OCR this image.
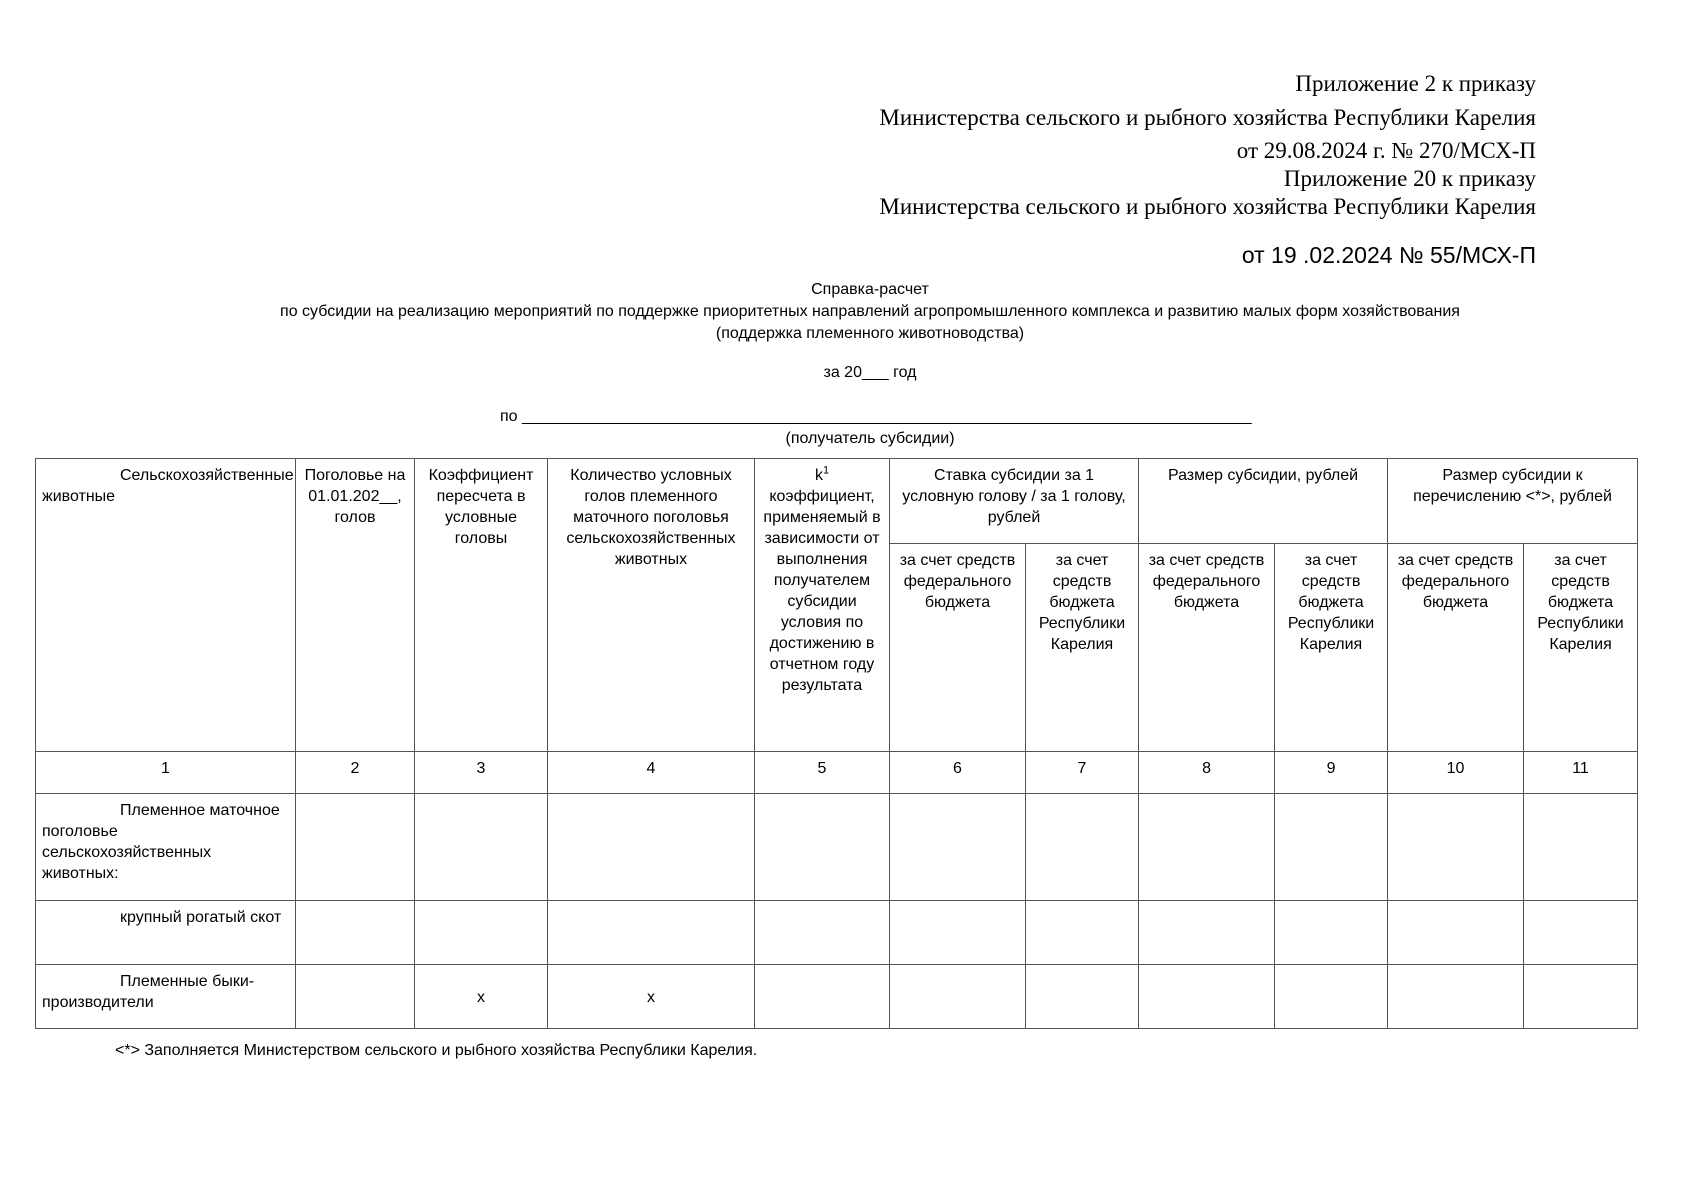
Приложение 2 к приказу
Министерства сельского и рыбного хозяйства Республики Карелия
от 29.08.2024 г. № 270/МСХ-П
Приложение 20 к приказу
Министерства сельского и рыбного хозяйства Республики Карелия
от 19 .02.2024 № 55/МСХ-П
Справка-расчет
по субсидии на реализацию мероприятий по поддержке приоритетных направлений агропромышленного комплекса и развитию малых форм хозяйствования
(поддержка племенного животноводства)
за 20___ год
по __________________________________________________________________________________
(получатель субсидии)
Сельскохозяйственные животные	Поголовье на 01.01.202__, голов	Коэффициент пересчета в условные головы	Количество условных голов племенного маточного поголовья сельскохозяйственных животных	$k^1$ коэффициент, применяемый в зависимости от выполнения получателем субсидии условия по достижению в отчетном году результата	Ставка субсидии за 1 условную голову / за 1 голову, рублей		Размер субсидии, рублей		Размер субсидии к перечислению <*>, рублей	
					за счет средств федерального бюджета	за счет средств бюджета Республики Карелия	за счет средств федерального бюджета	за счет средств бюджета Республики Карелия	за счет средств федерального бюджета	за счет средств бюджета Республики Карелия
1	2	3	4	5	6	7	8	9	10	11
Племенное маточное поголовье сельскохозяйственных животных:										
крупный рогатый скот										
Племенные быки-производители		x	x							
<*> Заполняется Министерством сельского и рыбного хозяйства Республики Карелия.
